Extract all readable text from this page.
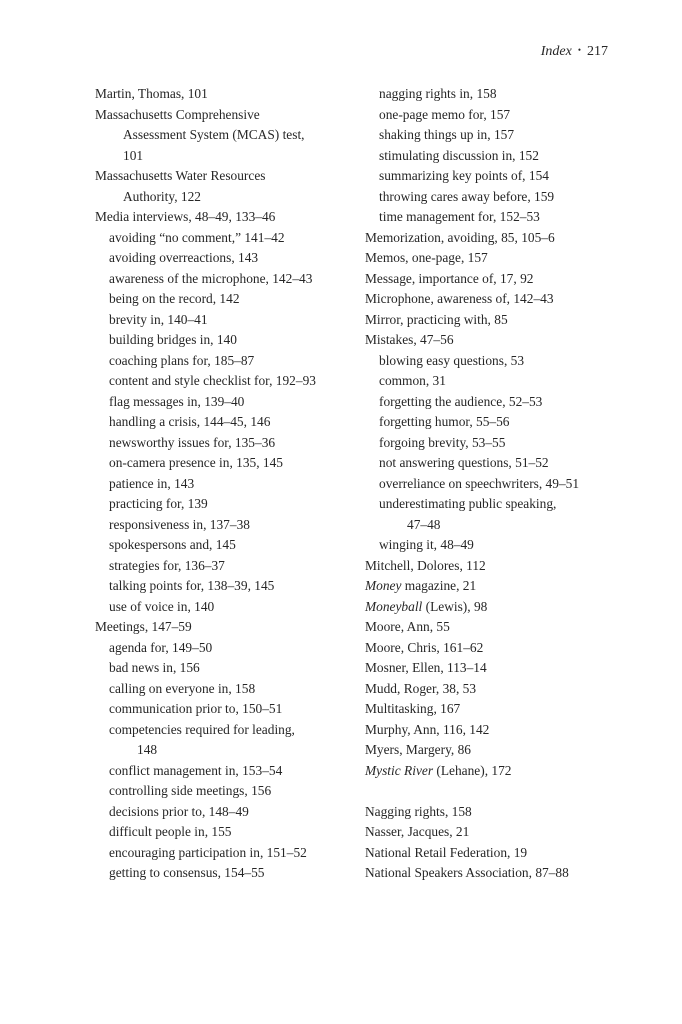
Index • 217
Martin, Thomas, 101
Massachusetts Comprehensive
Assessment System (MCAS) test,
101
Massachusetts Water Resources
Authority, 122
Media interviews, 48–49, 133–46
avoiding “no comment,” 141–42
avoiding overreactions, 143
awareness of the microphone, 142–43
being on the record, 142
brevity in, 140–41
building bridges in, 140
coaching plans for, 185–87
content and style checklist for, 192–93
flag messages in, 139–40
handling a crisis, 144–45, 146
newsworthy issues for, 135–36
on-camera presence in, 135, 145
patience in, 143
practicing for, 139
responsiveness in, 137–38
spokespersons and, 145
strategies for, 136–37
talking points for, 138–39, 145
use of voice in, 140
Meetings, 147–59
agenda for, 149–50
bad news in, 156
calling on everyone in, 158
communication prior to, 150–51
competencies required for leading,
148
conflict management in, 153–54
controlling side meetings, 156
decisions prior to, 148–49
difficult people in, 155
encouraging participation in, 151–52
getting to consensus, 154–55
nagging rights in, 158
one-page memo for, 157
shaking things up in, 157
stimulating discussion in, 152
summarizing key points of, 154
throwing cares away before, 159
time management for, 152–53
Memorization, avoiding, 85, 105–6
Memos, one-page, 157
Message, importance of, 17, 92
Microphone, awareness of, 142–43
Mirror, practicing with, 85
Mistakes, 47–56
blowing easy questions, 53
common, 31
forgetting the audience, 52–53
forgetting humor, 55–56
forgoing brevity, 53–55
not answering questions, 51–52
overreliance on speechwriters, 49–51
underestimating public speaking,
47–48
winging it, 48–49
Mitchell, Dolores, 112
Money magazine, 21
Moneyball (Lewis), 98
Moore, Ann, 55
Moore, Chris, 161–62
Mosner, Ellen, 113–14
Mudd, Roger, 38, 53
Multitasking, 167
Murphy, Ann, 116, 142
Myers, Margery, 86
Mystic River (Lehane), 172
Nagging rights, 158
Nasser, Jacques, 21
National Retail Federation, 19
National Speakers Association, 87–88
